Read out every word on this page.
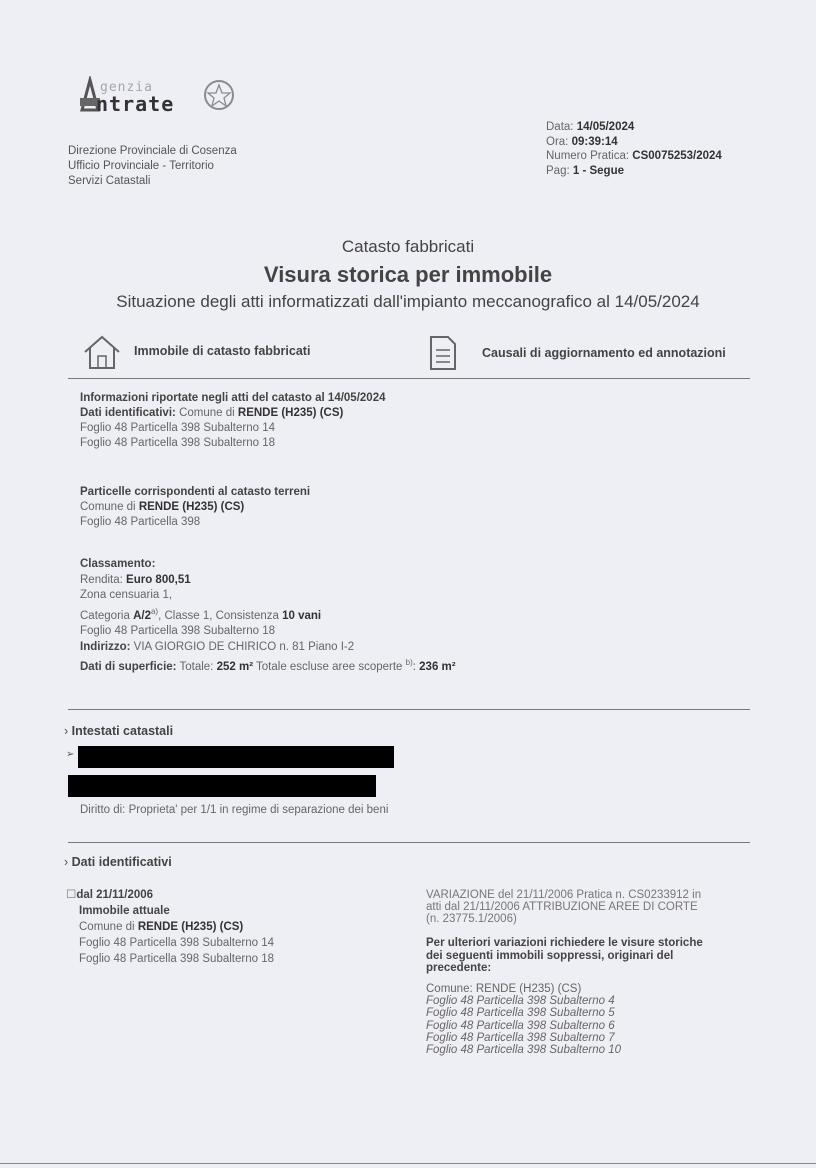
genzia
ntrate
Direzione Provinciale di Cosenza
Ufficio Provinciale - Territorio
Servizi Catastali
Data: 14/05/2024
Ora: 09:39:14
Numero Pratica: CS0075253/2024
Pag: 1 - Segue
Catasto fabbricati
Visura storica per immobile
Situazione degli atti informatizzati dall'impianto meccanografico al 14/05/2024
Immobile di catasto fabbricati	Causali di aggiornamento ed annotazioni
Informazioni riportate negli atti del catasto al 14/05/2024
Dati identificativi: Comune di RENDE (H235) (CS)
Foglio 48 Particella 398 Subalterno 14
Foglio 48 Particella 398 Subalterno 18
Particelle corrispondenti al catasto terreni
Comune di RENDE (H235) (CS)
Foglio 48 Particella 398
Classamento:
Rendita: Euro 800,51
Zona censuaria 1,
Categoria A/2$^{a)}$, Classe 1, Consistenza 10 vani
Foglio 48 Particella 398 Subalterno 18
Indirizzo: VIA GIORGIO DE CHIRICO n. 81 Piano I-2
Dati di superficie: Totale: 252 m² Totale escluse aree scoperte $^{b)}$: 236 m²
› Intestati catastali
➢
Diritto di: Proprieta' per 1/1 in regime di separazione dei beni
› Dati identificativi
☐dal 21/11/2006
Immobile attuale
Comune di RENDE (H235) (CS)
Foglio 48 Particella 398 Subalterno 14
Foglio 48 Particella 398 Subalterno 18
VARIAZIONE del 21/11/2006 Pratica n. CS0233912 in
atti dal 21/11/2006 ATTRIBUZIONE AREE DI CORTE
(n. 23775.1/2006)
Per ulteriori variazioni richiedere le visure storiche
dei seguenti immobili soppressi, originari del
precedente:
Comune: RENDE (H235) (CS)
Foglio 48 Particella 398 Subalterno 4
Foglio 48 Particella 398 Subalterno 5
Foglio 48 Particella 398 Subalterno 6
Foglio 48 Particella 398 Subalterno 7
Foglio 48 Particella 398 Subalterno 10
